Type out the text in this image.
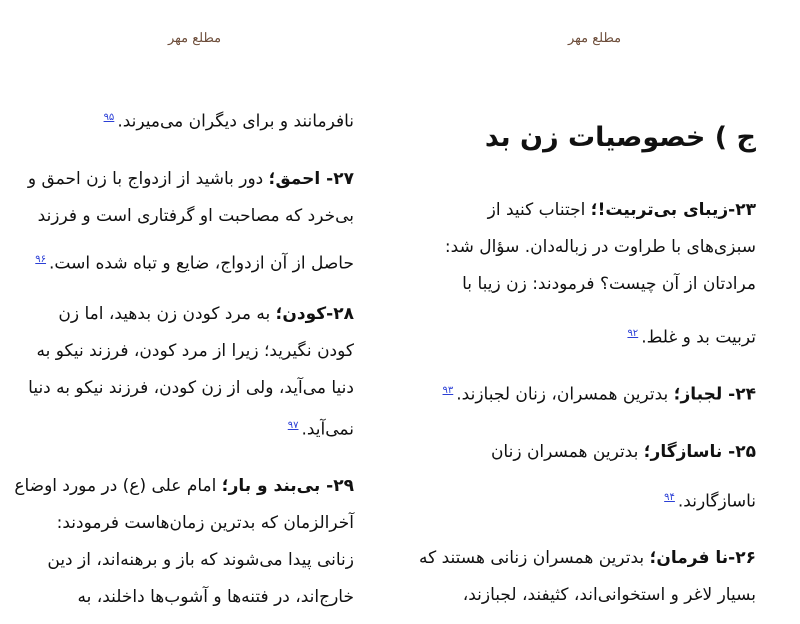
مطلع مهر
ج ) خصوصیات زن بد
۲۳-زیبای بی‌تربیت!؛ اجتناب کنید از
سبزی‌های با طراوت در زباله‌دان. سؤال شد:
مرادتان از آن چیست؟ فرمودند: زن زیبا با
تربیت بد و غلط.$^{۹۲}$
۲۴- لجباز؛ بدترین همسران، زنان لجبازند.$^{۹۳}$
۲۵- ناسازگار؛ بدترین همسران زنان
ناسازگارند.$^{۹۴}$
۲۶-نا فرمان؛ بدترین همسران زنانی هستند که
بسیار لاغر و استخوانی‌اند، کثیفند، لجبازند،
مطلع مهر
نافرمانند و برای دیگران می‌میرند.$^{۹۵}$
۲۷- احمق؛ دور باشید از ازدواج با زن احمق و
بی‌خرد که مصاحبت او گرفتاری است و فرزند
حاصل از آن ازدواج، ضایع و تباه شده است.$^{۹۶}$
۲۸-کودن؛ به مرد کودن زن بدهید، اما زن
کودن نگیرید؛ زیرا از مرد کودن، فرزند نیکو به
دنیا می‌آید، ولی از زن کودن، فرزند نیکو به دنیا
نمی‌آید.$^{۹۷}$
۲۹- بی‌بند و بار؛ امام علی (ع) در مورد اوضاع
آخرالزمان که بدترین زمان‌هاست فرمودند:
زنانی پیدا می‌شوند که باز و برهنه‌اند، از دین
خارج‌اند، در فتنه‌ها و آشوب‌ها داخلند، به
